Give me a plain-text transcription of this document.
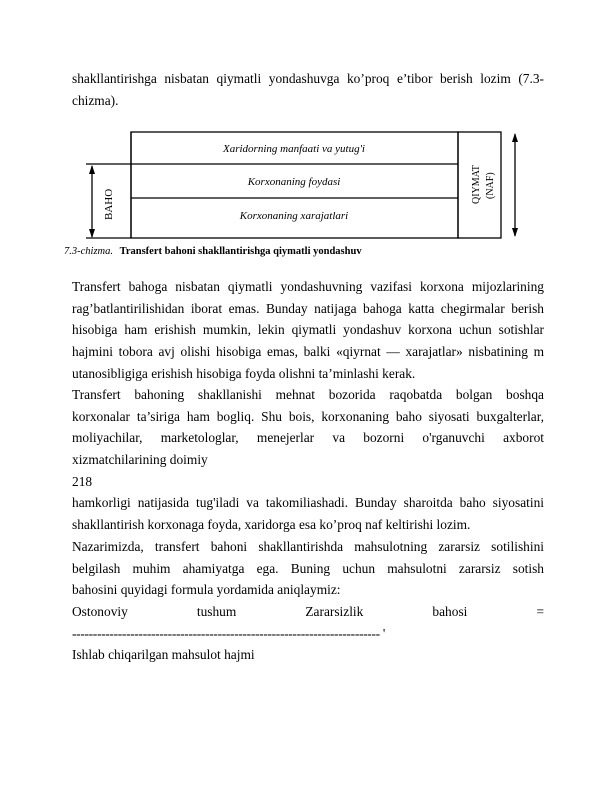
shakllantirishga nisbatan qiymatli yondashuvga ko’proq e’tibor berish lozim (7.3-
chizma).
Xaridorning manfaati va yutug'i
Korxonaning foydasi
Korxonaning xarajatlari
BAHO
QIYMAT (NAF)
7.3-chizma. Transfert bahoni shakllantirishga qiymatli yondashuv
Transfert bahoga nisbatan qiymatli yondashuvning vazifasi korxona mijozlarining
rag’batlantirilishidan iborat emas. Bunday natijaga bahoga katta chegirmalar berish
hisobiga ham erishish mumkin, lekin qiymatli yondashuv korxona uchun sotishlar
hajmini tobora avj olishi hisobiga emas, balki «qiyrnat — xarajatlar» nisbatining m
utanosibligiga erishish hisobiga foyda olishni ta’minlashi kerak.
Transfert bahoning shakllanishi mehnat bozorida raqobatda bolgan boshqa
korxonalar ta’siriga ham bogliq. Shu bois, korxonaning baho siyosati buxgalterlar,
moliyachilar, marketologlar, menejerlar va bozorni o'rganuvchi axborot
xizmatchilarining doimiy
218
hamkorligi natijasida tug'iladi va takomiliashadi. Bunday sharoitda baho siyosatini
shakllantirish korxonaga foyda, xaridorga esa ko’proq naf keltirishi lozim.
Nazarimizda, transfert bahoni shakllantirishda mahsulotning zararsiz sotilishini
belgilash muhim ahamiyatga ega. Buning uchun mahsulotni zararsiz sotish
bahosini quyidagi formula yordamida aniqlaymiz:
Ostonoviy tushum Zararsizlik bahosi =
-------------------------------------------------------------------------- '
Ishlab chiqarilgan mahsulot hajmi
